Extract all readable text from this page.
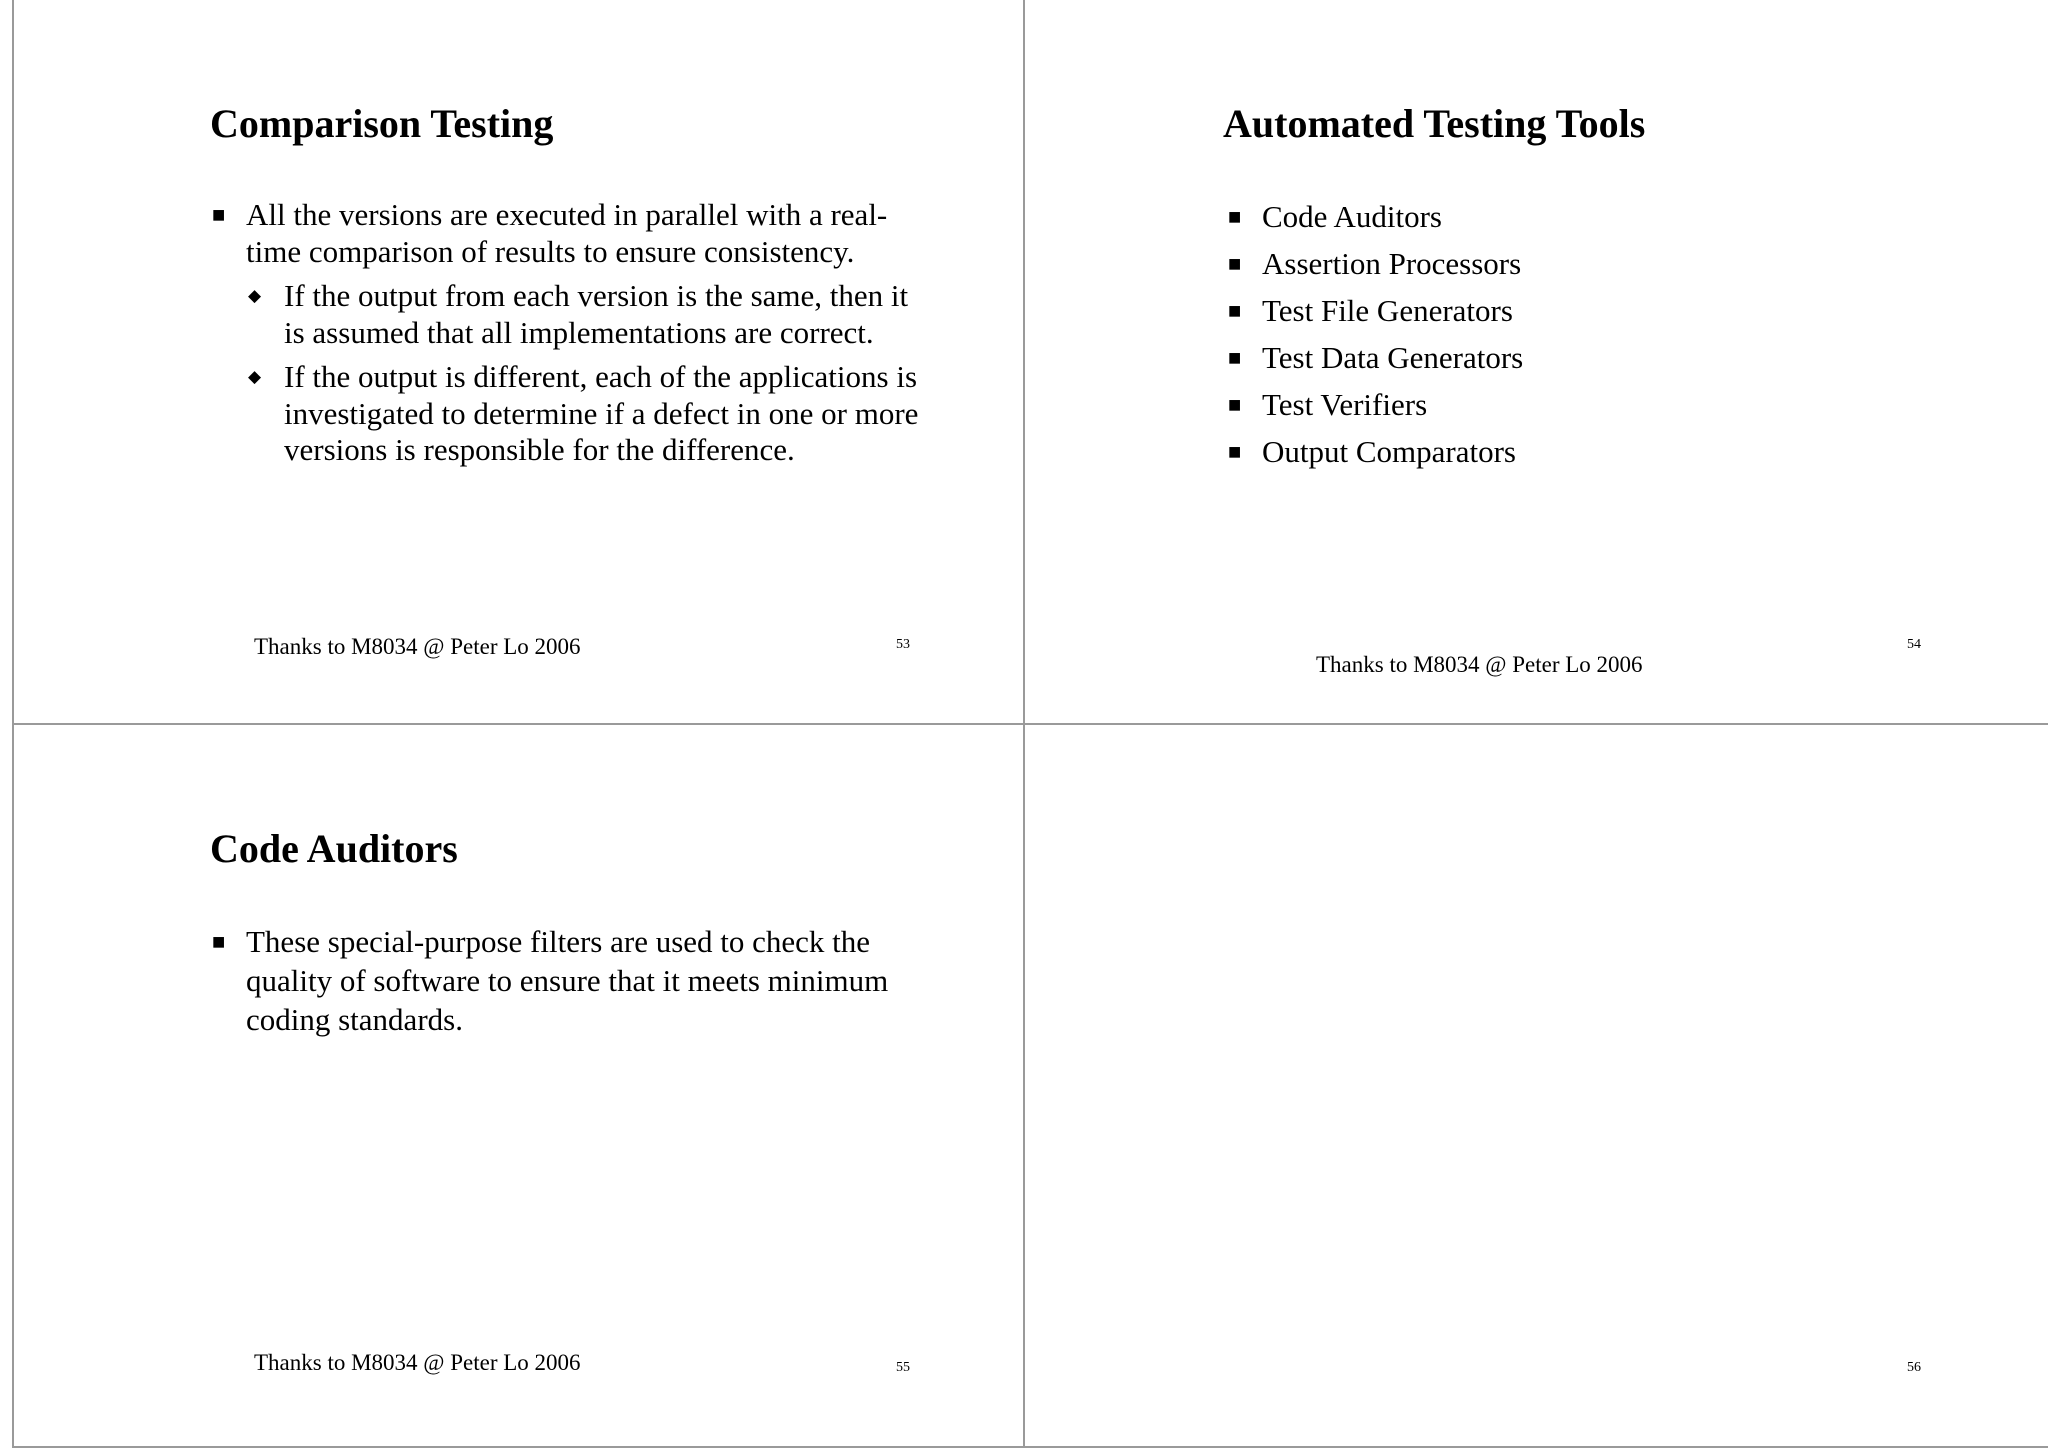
Comparison Testing
■ All the versions are executed in parallel with a real-time comparison of results to ensure consistency.
◆ If the output from each version is the same, then it is assumed that all implementations are correct.
◆ If the output is different, each of the applications is investigated to determine if a defect in one or more versions is responsible for the difference.
Thanks to M8034 @ Peter Lo 2006	53
Automated Testing Tools
■ Code Auditors
■ Assertion Processors
■ Test File Generators
■ Test Data Generators
■ Test Verifiers
■ Output Comparators
Thanks to M8034 @ Peter Lo 2006
54
Code Auditors
■ These special-purpose filters are used to check the quality of software to ensure that it meets minimum coding standards.
Thanks to M8034 @ Peter Lo 2006	55	56
